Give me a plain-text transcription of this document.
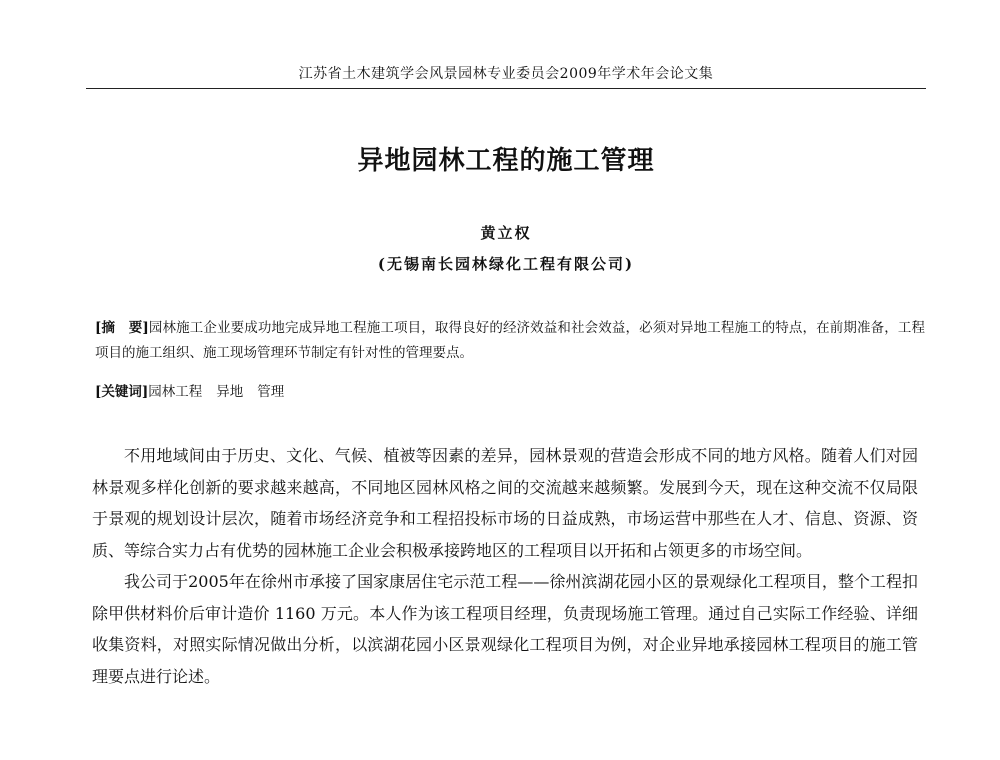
江苏省土木建筑学会风景园林专业委员会2009年学术年会论文集
异地园林工程的施工管理
黄立权
(无锡南长园林绿化工程有限公司)
[摘　要]园林施工企业要成功地完成异地工程施工项目，取得良好的经济效益和社会效益，必须对异地工程施工的特点，在前期准备，工程项目的施工组织、施工现场管理环节制定有针对性的管理要点。
[关键词]园林工程 异地 管理

不用地域间由于历史、文化、气候、植被等因素的差异，园林景观的营造会形成不同的地方风格。随着人们对园林景观多样化创新的要求越来越高，不同地区园林风格之间的交流越来越频繁。发展到今天，现在这种交流不仅局限于景观的规划设计层次，随着市场经济竞争和工程招投标市场的日益成熟，市场运营中那些在人才、信息、资源、资质、等综合实力占有优势的园林施工企业会积极承接跨地区的工程项目以开拓和占领更多的市场空间。

我公司于2005年在徐州市承接了国家康居住宅示范工程——徐州滨湖花园小区的景观绿化工程项目，整个工程扣除甲供材料价后审计造价 1160 万元。本人作为该工程项目经理，负责现场施工管理。通过自己实际工作经验、详细收集资料，对照实际情况做出分析，以滨湖花园小区景观绿化工程项目为例，对企业异地承接园林工程项目的施工管理要点进行论述。
